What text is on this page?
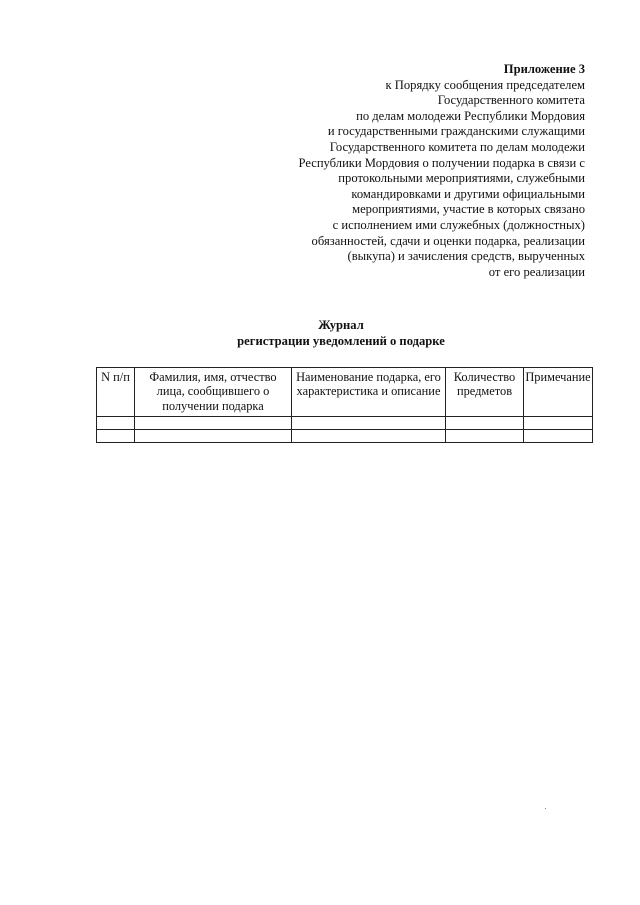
Приложение 3
к Порядку сообщения председателем
Государственного комитета
по делам молодежи Республики Мордовия
и государственными гражданскими служащими
Государственного комитета по делам молодежи
Республики Мордовия о получении подарка в связи с
протокольными мероприятиями, служебными
командировками и другими официальными
мероприятиями, участие в которых связано
с исполнением ими служебных (должностных)
обязанностей, сдачи и оценки подарка, реализации
(выкупа) и зачисления средств, вырученных
от его реализации
Журнал
регистрации уведомлений о подарке
N п/п	Фамилия, имя, отчество лица, сообщившего о получении подарка	Наименование подарка, его характеристика и описание	Количество предметов	Примечание
